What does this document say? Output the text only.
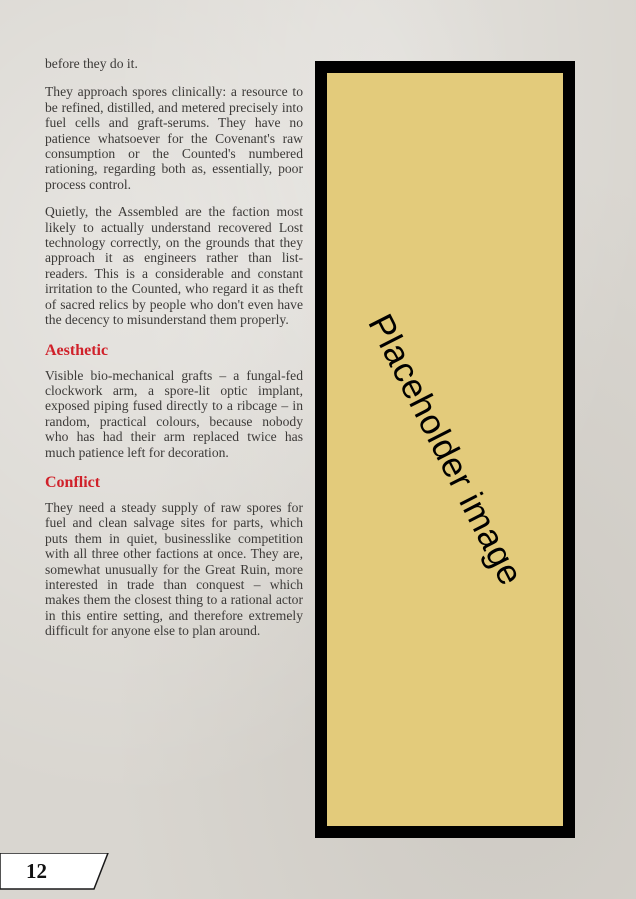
before they do it.

They approach spores clinically: a resource to be refined, distilled, and metered precisely into fuel cells and graft-serums. They have no patience whatsoever for the Covenant's raw consumption or the Counted's numbered rationing, regarding both as, essentially, poor process control.

Quietly, the Assembled are the faction most likely to actually understand recovered Lost technology correctly, on the grounds that they approach it as engineers rather than list-readers. This is a considerable and constant irritation to the Counted, who regard it as theft of sacred relics by people who don't even have the decency to misunderstand them properly.

Aesthetic

Visible bio-mechanical grafts – a fungal-fed clockwork arm, a spore-lit optic implant, exposed piping fused directly to a ribcage – in random, practical colours, because nobody who has had their arm replaced twice has much patience left for decoration.

Conflict

They need a steady supply of raw spores for fuel and clean salvage sites for parts, which puts them in quiet, businesslike competition with all three other factions at once. They are, somewhat unusually for the Great Ruin, more interested in trade than conquest – which makes them the closest thing to a rational actor in this entire setting, and therefore extremely difficult for anyone else to plan around.

Placeholder image
12
